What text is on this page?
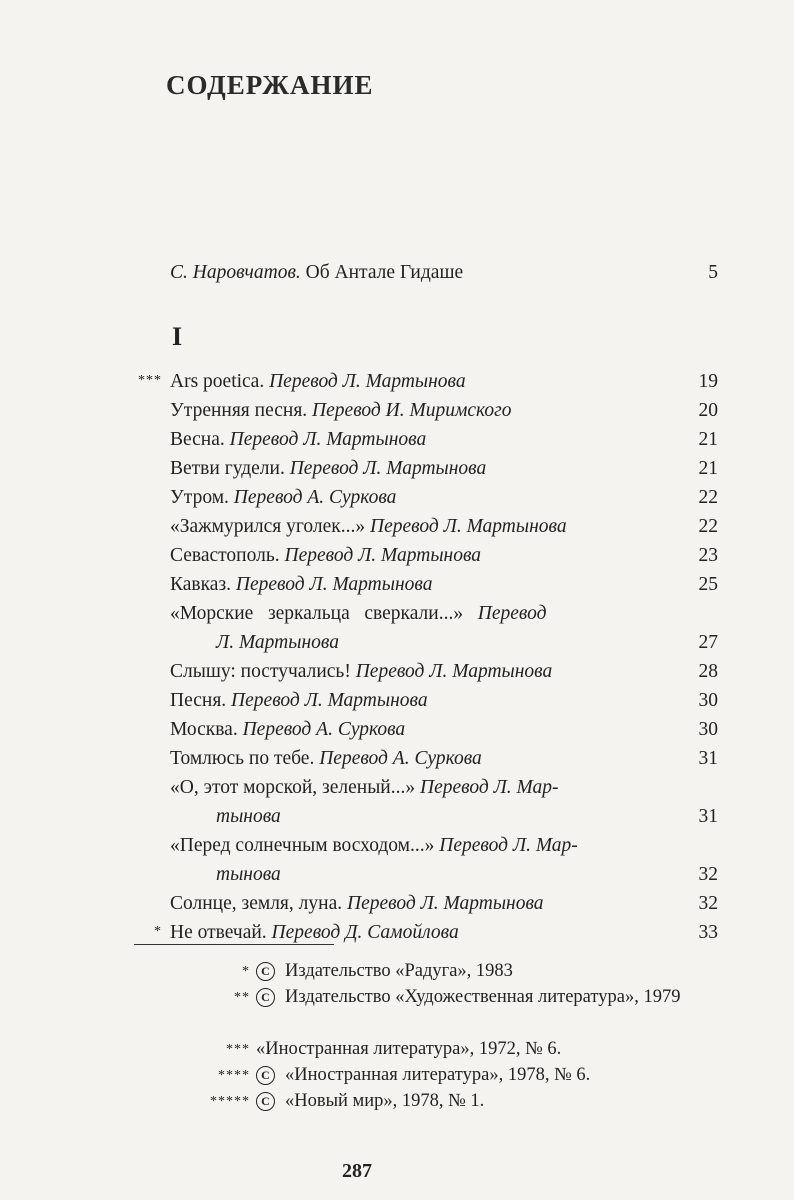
СОДЕРЖАНИЕ
С. Наровчатов. Об Антале Гидаше	5
I
*** Ars poetica. Перевод Л. Мартынова	19
Утренняя песня. Перевод И. Миримского	20
Весна. Перевод Л. Мартынова	21
Ветви гудели. Перевод Л. Мартынова	21
Утром. Перевод А. Суркова	22
«Зажмурился уголек...» Перевод Л. Мартынова	22
Севастополь. Перевод Л. Мартынова	23
Кавказ. Перевод Л. Мартынова	25
«Морские   зеркальца   сверкали...»   Перевод
Л. Мартынова	27
Слышу: постучались! Перевод Л. Мартынова	28
Песня. Перевод Л. Мартынова	30
Москва. Перевод А. Суркова	30
Томлюсь по тебе. Перевод А. Суркова	31
«О, этот морской, зеленый...» Перевод Л. Мар-
тынова	31
«Перед солнечным восходом...» Перевод Л. Мар-
тынова	32
Солнце, земля, луна. Перевод Л. Мартынова	32
* Не отвечай. Перевод Д. Самойлова	33
* C Издательство «Радуга», 1983
** C Издательство «Художественная литература», 1979
*** «Иностранная литература», 1972, № 6.
**** C «Иностранная литература», 1978, № 6.
***** C «Новый мир», 1978, № 1.
287
